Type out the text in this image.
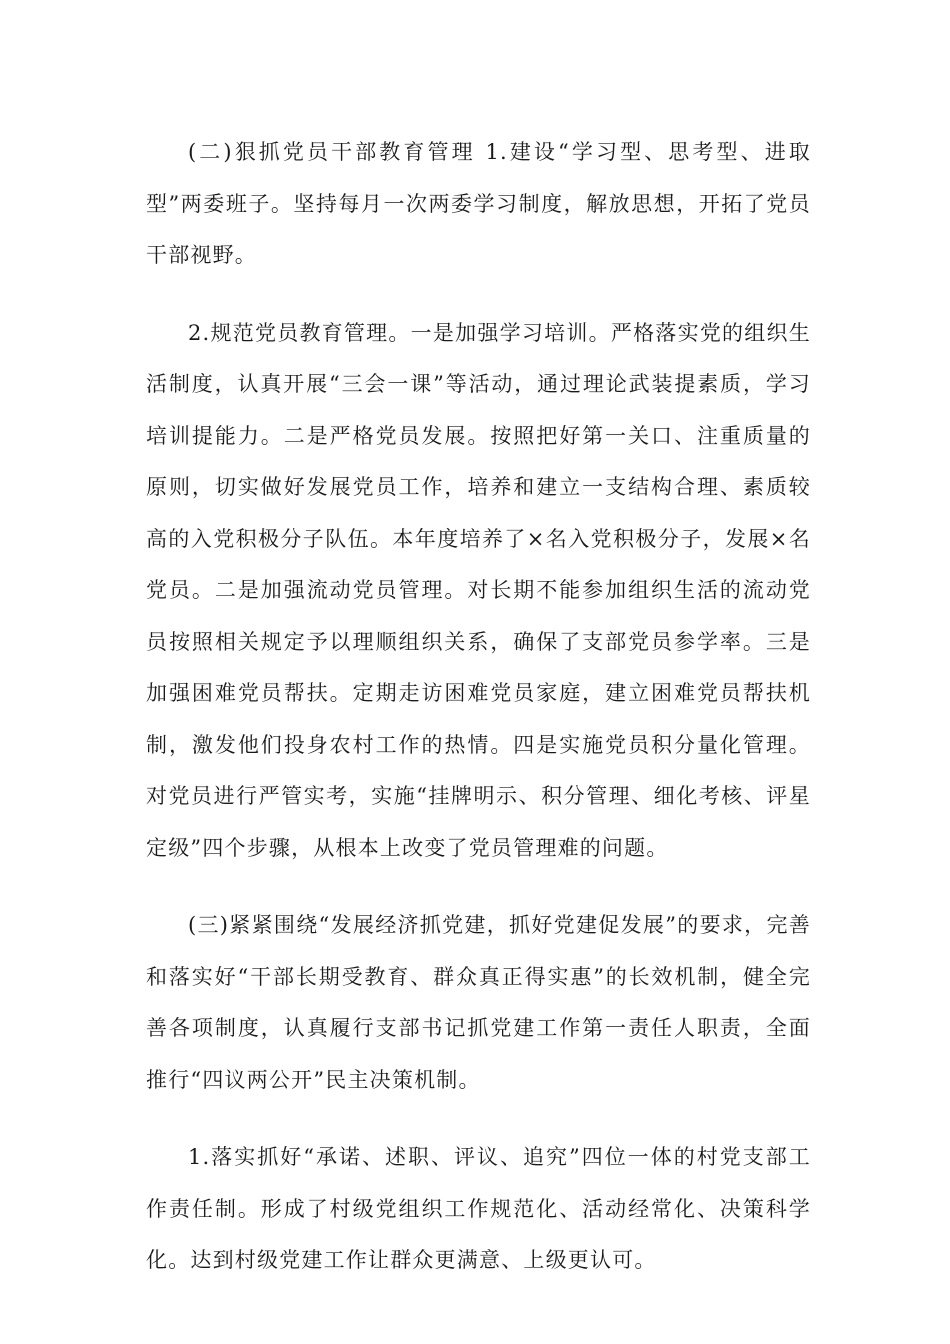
(二)狠抓党员干部教育管理 1.建设“学习型、思考型、进取型”两委班子。坚持每月一次两委学习制度，解放思想，开拓了党员干部视野。

2.规范党员教育管理。一是加强学习培训。严格落实党的组织生活制度，认真开展“三会一课”等活动，通过理论武装提素质，学习培训提能力。二是严格党员发展。按照把好第一关口、注重质量的原则，切实做好发展党员工作，培养和建立一支结构合理、素质较高的入党积极分子队伍。本年度培养了×名入党积极分子，发展×名党员。二是加强流动党员管理。对长期不能参加组织生活的流动党员按照相关规定予以理顺组织关系，确保了支部党员参学率。三是加强困难党员帮扶。定期走访困难党员家庭，建立困难党员帮扶机制，激发他们投身农村工作的热情。四是实施党员积分量化管理。对党员进行严管实考，实施“挂牌明示、积分管理、细化考核、评星定级”四个步骤，从根本上改变了党员管理难的问题。

(三)紧紧围绕“发展经济抓党建，抓好党建促发展”的要求，完善和落实好“干部长期受教育、群众真正得实惠”的长效机制，健全完善各项制度，认真履行支部书记抓党建工作第一责任人职责，全面推行“四议两公开”民主决策机制。

1.落实抓好“承诺、述职、评议、追究”四位一体的村党支部工作责任制。形成了村级党组织工作规范化、活动经常化、决策科学化。达到村级党建工作让群众更满意、上级更认可。
